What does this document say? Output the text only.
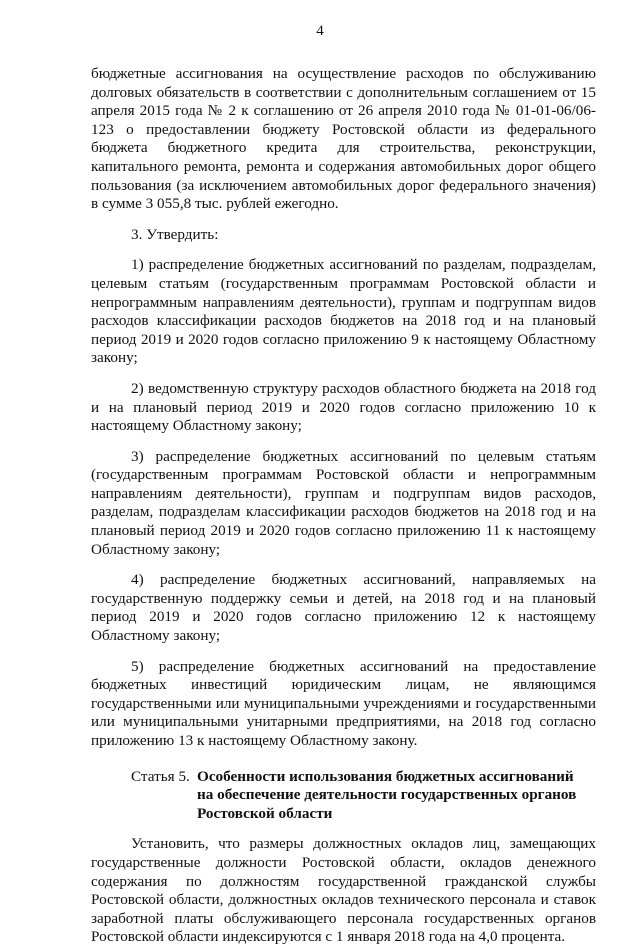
4

бюджетные ассигнования на осуществление расходов по обслуживанию долговых обязательств в соответствии с дополнительным соглашением от 15 апреля 2015 года № 2 к соглашению от 26 апреля 2010 года № 01-01-06/06-123 о предоставлении бюджету Ростовской области из федерального бюджета бюджетного кредита для строительства, реконструкции, капитального ремонта, ремонта и содержания автомобильных дорог общего пользования (за исключением автомобильных дорог федерального значения) в сумме 3 055,8 тыс. рублей ежегодно.

3. Утвердить:

1) распределение бюджетных ассигнований по разделам, подразделам, целевым статьям (государственным программам Ростовской области и непрограммным направлениям деятельности), группам и подгруппам видов расходов классификации расходов бюджетов на 2018 год и на плановый период 2019 и 2020 годов согласно приложению 9 к настоящему Областному закону;

2) ведомственную структуру расходов областного бюджета на 2018 год и на плановый период 2019 и 2020 годов согласно приложению 10 к настоящему Областному закону;

3) распределение бюджетных ассигнований по целевым статьям (государственным программам Ростовской области и непрограммным направлениям деятельности), группам и подгруппам видов расходов, разделам, подразделам классификации расходов бюджетов на 2018 год и на плановый период 2019 и 2020 годов согласно приложению 11 к настоящему Областному закону;

4) распределение бюджетных ассигнований, направляемых на государственную поддержку семьи и детей, на 2018 год и на плановый период 2019 и 2020 годов согласно приложению 12 к настоящему Областному закону;

5) распределение бюджетных ассигнований на предоставление бюджетных инвестиций юридическим лицам, не являющимся государственными или муниципальными учреждениями и государственными или муниципальными унитарными предприятиями, на 2018 год согласно приложению 13 к настоящему Областному закону.

Статья 5. Особенности использования бюджетных ассигнований
на обеспечение деятельности государственных органов
Ростовской области

Установить, что размеры должностных окладов лиц, замещающих государственные должности Ростовской области, окладов денежного содержания по должностям государственной гражданской службы Ростовской области, должностных окладов технического персонала и ставок заработной платы обслуживающего персонала государственных органов Ростовской области индексируются с 1 января 2018 года на 4,0 процента.
